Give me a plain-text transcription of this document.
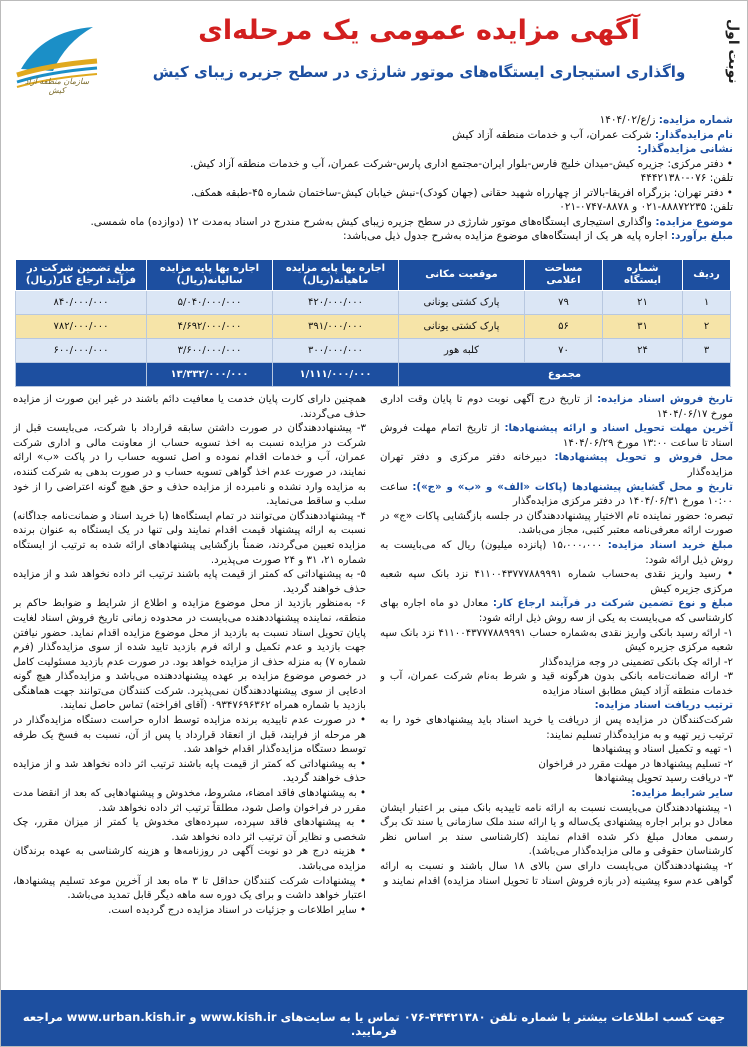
نوبت اول
آگهی مزایده عمومی یک مرحله‌ای
واگذاری استیجاری ایستگاه‌های موتور شارژی در سطح جزیره زیبای کیش
سازمان منطقه آزاد کیش
شماره مزایده: ز/ع/۱۴۰۴/۰۲
نام مزایده‌گذار: شرکت عمران، آب و خدمات منطقه آزاد کیش
نشانی مزایده‌گذار:
• دفتر مرکزی: جزیره کیش-میدان خلیج فارس-بلوار ایران-مجتمع اداری پارس-شرکت عمران، آب و خدمات منطقه آزاد کیش.
تلفن: ۰۷۶-۴۴۴۲۱۳۸۰
• دفتر تهران: بزرگراه افریقا-بالاتر از چهارراه شهید حقانی (جهان کودک)-نبش خیابان کیش-ساختمان شماره ۴۵-طبقه همکف.
تلفن: ۸۸۸۷۲۲۳۵-۰۲۱ و ۸۸۷۸-۰۷۴۷-۰۲۱
موضوع مزایده: واگذاری استیجاری ایستگاه‌های موتور شارژی در سطح جزیره زیبای کیش به‌شرح مندرج در اسناد به‌مدت ۱۲ (دوازده) ماه شمسی.
مبلغ برآورد: اجاره پایه هر یک از ایستگاه‌های موضوع مزایده به‌شرح جدول ذیل می‌باشد:
ردیف	شماره ایستگاه	مساحت اعلامی	موقعیت مکانی	اجاره بها پایه مزایده ماهیانه(ریال)	اجاره بها پایه مزایده سالیانه(ریال)	مبلغ تضمین شرکت در فرآیند ارجاع کار(ریال)
۱	۲۱	۷۹	پارک کشتی یونانی	۴۲۰/۰۰۰/۰۰۰	۵/۰۴۰/۰۰۰/۰۰۰	۸۴۰/۰۰۰/۰۰۰
۲	۳۱	۵۶	پارک کشتی یونانی	۳۹۱/۰۰۰/۰۰۰	۴/۶۹۲/۰۰۰/۰۰۰	۷۸۲/۰۰۰/۰۰۰
۳	۲۴	۷۰	کلبه هور	۳۰۰/۰۰۰/۰۰۰	۳/۶۰۰/۰۰۰/۰۰۰	۶۰۰/۰۰۰/۰۰۰
مجموع				۱/۱۱۱/۰۰۰/۰۰۰	۱۳/۳۳۲/۰۰۰/۰۰۰	

تاریخ فروش اسناد مزایده: از تاریخ درج آگهی نوبت دوم تا پایان وقت اداری مورخ ۱۴۰۴/۰۶/۱۷

آخرین مهلت تحویل اسناد و ارائه پیشنهادها: از تاریخ اتمام مهلت فروش اسناد تا ساعت ۱۳:۰۰ مورخ ۱۴۰۴/۰۶/۲۹

محل فروش و تحویل پیشنهادها: دبیرخانه دفتر مرکزی و دفتر تهران مزایده‌گذار

تاریخ و محل گشایش پیشنهادها (پاکات «الف» و «ب» و «ج»): ساعت ۱۰:۰۰ مورخ ۱۴۰۴/۰۶/۳۱ در دفتر مرکزی مزایده‌گذار

تبصره: حضور نماینده تام الاختیار پیشنهاددهندگان در جلسه بازگشایی پاکات «ج» در صورت ارائه معرفی‌نامه معتبر کتبی، مجاز می‌باشد.

مبلغ خرید اسناد مزایده: ۱۵،۰۰۰،۰۰۰ (پانزده میلیون) ریال که می‌بایست به روش ذیل ارائه شود:

• رسید واریز نقدی به‌حساب شماره ۴۱۱۰۰۴۳۷۷۷۸۸۹۹۹۱ نزد بانک سپه شعبه مرکزی جزیره کیش

مبلغ و نوع تضمین شرکت در فرآیند ارجاع کار: معادل دو ماه اجاره بهای کارشناسی که می‌بایست به یکی از سه روش ذیل ارائه شود:

۱- ارائه رسید بانکی واریز نقدی به‌شماره حساب ۴۱۱۰۰۴۳۷۷۷۸۸۹۹۹۱ نزد بانک سپه شعبه مرکزی جزیره کیش

۲- ارائه چک بانکی تضمینی در وجه مزایده‌گذار

۳- ارائه ضمانت‌نامه بانکی بدون هرگونه قید و شرط به‌نام شرکت عمران، آب و خدمات منطقه آزاد کیش مطابق اسناد مزایده

ترتیب دریافت اسناد مزایده:

شرکت‌کنندگان در مزایده پس از دریافت یا خرید اسناد باید پیشنهادهای خود را به ترتیب زیر تهیه و به مزایده‌گذار تسلیم نمایند:

۱- تهیه و تکمیل اسناد و پیشنهادها

۲- تسلیم پیشنهادها در مهلت مقرر در فراخوان

۳- دریافت رسید تحویل پیشنهادها

سایر شرایط مزایده:

۱- پیشنهاددهندگان می‌بایست نسبت به ارائه نامه تاییدیه بانک مبنی بر اعتبار ایشان معادل دو برابر اجاره پیشنهادی یک‌ساله و یا ارائه سند ملک سازمانی یا سند تک برگ رسمی معادل مبلغ ذکر شده اقدام نمایند (کارشناسی سند بر اساس نظر کارشناسان حقوقی و مالی مزایده‌گذار می‌باشد).

۲- پیشنهاددهندگان می‌بایست دارای سن بالای ۱۸ سال باشند و نسبت به ارائه گواهی عدم سوء پیشینه (در بازه فروش اسناد تا تحویل اسناد مزایده) اقدام نمایند و

همچنین دارای کارت پایان خدمت یا معافیت دائم باشند در غیر این صورت از مزایده حذف می‌گردند.

۳- پیشنهاددهندگان در صورت داشتن سابقه قرارداد با شرکت، می‌بایست قبل از شرکت در مزایده نسبت به اخذ تسویه حساب از معاونت مالی و اداری شرکت عمران، آب و خدمات اقدام نموده و اصل تسویه حساب را در پاکت «ب» ارائه نمایند، در صورت عدم اخذ گواهی تسویه حساب و در صورت بدهی به شرکت کننده، به مزایده وارد نشده و نامبرده از مزایده حذف و حق هیچ گونه اعتراضی را از خود سلب و ساقط می‌نماید.

۴- پیشنهاددهندگان می‌توانند در تمام ایستگاه‌ها (با خرید اسناد و ضمانت‌نامه جداگانه) نسبت به ارائه پیشنهاد قیمت اقدام نمایند ولی تنها در یک ایستگاه به عنوان برنده مزایده تعیین می‌گردند، ضمناً بازگشایی پیشنهادهای ارائه شده به ترتیب از ایستگاه شماره ۲۱، ۳۱ و ۲۴ صورت می‌پذیرد.

۵- به پیشنهاداتی که کمتر از قیمت پایه باشند ترتیب اثر داده نخواهد شد و از مزایده حذف خواهند گردید.

۶- به‌منظور بازدید از محل موضوع مزایده و اطلاع از شرایط و ضوابط حاکم بر منطقه، نماینده پیشنهاددهنده می‌بایست در محدوده زمانی تاریخ فروش اسناد لغایت پایان تحویل اسناد نسبت به بازدید از محل موضوع مزایده اقدام نماید. حضور نیافتن جهت بازدید و عدم تکمیل و ارائه فرم بازدید تایید شده از سوی مزایده‌گذار (فرم شماره ۷) به منزله حذف از مزایده خواهد بود. در صورت عدم بازدید مسئولیت کامل در خصوص موضوع مزایده بر عهده پیشنهاددهنده می‌باشد و مزایده‌گذار هیچ گونه ادعایی از سوی پیشنهاددهندگان نمی‌پذیرد. شرکت کنندگان می‌توانند جهت هماهنگی بازدید با شماره همراه ۰۹۳۴۷۶۹۶۳۶۲ (آقای افراخته) تماس حاصل نمایند.

• در صورت عدم تاییدیه برنده مزایده توسط اداره حراست دستگاه مزایده‌گذار در هر مرحله از فرایند، قبل از انعقاد قرارداد یا پس از آن، نسبت به فسخ یک طرفه توسط دستگاه مزایده‌گذار اقدام خواهد شد.

• به پیشنهاداتی که کمتر از قیمت پایه باشند ترتیب اثر داده نخواهد شد و از مزایده حذف خواهند گردید.

• به پیشنهادهای فاقد امضاء، مشروط، مخدوش و پیشنهادهایی که بعد از انقضا مدت مقرر در فراخوان واصل شود، مطلقاً ترتیب اثر داده نخواهد شد.

• به پیشنهادهای فاقد سپرده، سپرده‌های مخدوش یا کمتر از میزان مقرر، چک شخصی و نظایر آن ترتیب اثر داده نخواهد شد.

• هزینه درج هر دو نوبت آگهی در روزنامه‌ها و هزینه کارشناسی به عهده برندگان مزایده می‌باشد.

• پیشنهادات شرکت کنندگان حداقل تا ۳ ماه بعد از آخرین موعد تسلیم پیشنهادها، اعتبار خواهد داشت و برای یک دوره سه ماهه دیگر قابل تمدید می‌باشد.

• سایر اطلاعات و جزئیات در اسناد مزایده درج گردیده است.

جهت کسب اطلاعات بیشتر با شماره تلفن ۴۴۴۲۱۳۸۰-۰۷۶ تماس یا به سایت‌های www.kish.ir و www.urban.kish.ir مراجعه فرمایید.
